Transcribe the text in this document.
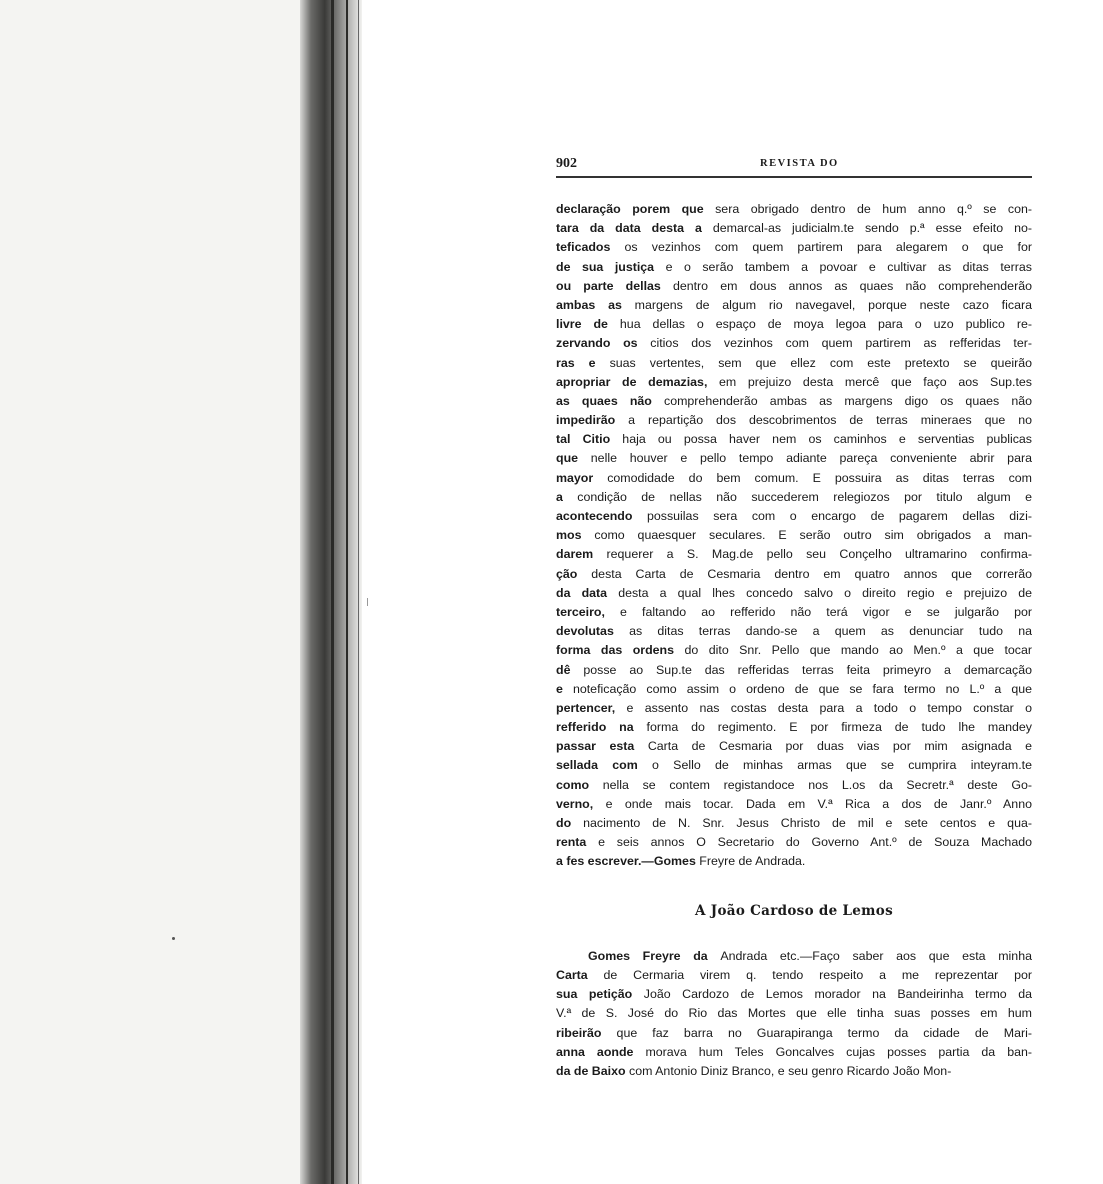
902	REVISTA DO
declaração porem que sera obrigado dentro de hum anno q.º se con-
tara da data desta a demarcal-as judicialm.te sendo p.ª esse efeito no-
teficados os vezinhos com quem partirem para alegarem o que for
de sua justiça e o serão tambem a povoar e cultivar as ditas terras
ou parte dellas dentro em dous annos as quaes não comprehenderão
ambas as margens de algum rio navegavel, porque neste cazo ficara
livre de hua dellas o espaço de moya legoa para o uzo publico re-
zervando os citios dos vezinhos com quem partirem as refferidas ter-
ras e suas vertentes, sem que ellez com este pretexto se queirão
apropriar de demazias, em prejuizo desta mercê que faço aos Sup.tes
as quaes não comprehenderão ambas as margens digo os quaes não
impedirão a repartição dos descobrimentos de terras mineraes que no
tal Citio haja ou possa haver nem os caminhos e serventias publicas
que nelle houver e pello tempo adiante pareça conveniente abrir para
mayor comodidade do bem comum. E possuira as ditas terras com
a condição de nellas não succederem relegiozos por titulo algum e
acontecendo possuilas sera com o encargo de pagarem dellas dizi-
mos como quaesquer seculares. E serão outro sim obrigados a man-
darem requerer a S. Mag.de pello seu Conçelho ultramarino confirma-
ção desta Carta de Cesmaria dentro em quatro annos que correrão
da data desta a qual lhes concedo salvo o direito regio e prejuizo de
terceiro, e faltando ao refferido não terá vigor e se julgarão por
devolutas as ditas terras dando-se a quem as denunciar tudo na
forma das ordens do dito Snr. Pello que mando ao Men.º a que tocar
dê posse ao Sup.te das refferidas terras feita primeyro a demarcação
e noteficação como assim o ordeno de que se fara termo no L.º a que
pertencer, e assento nas costas desta para a todo o tempo constar o
refferido na forma do regimento. E por firmeza de tudo lhe mandey
passar esta Carta de Cesmaria por duas vias por mim asignada e
sellada com o Sello de minhas armas que se cumprira inteyram.te
como nella se contem registandoce nos L.os da Secretr.ª deste Go-
verno, e onde mais tocar. Dada em V.ª Rica a dos de Janr.º Anno
do nacimento de N. Snr. Jesus Christo de mil e sete centos e qua-
renta e seis annos O Secretario do Governo Ant.º de Souza Machado
a fes escrever.—Gomes Freyre de Andrada.
A João Cardoso de Lemos
Gomes Freyre da Andrada etc.—Faço saber aos que esta minha
Carta de Cermaria virem q. tendo respeito a me reprezentar por
sua petição João Cardozo de Lemos morador na Bandeirinha termo da
V.ª de S. José do Rio das Mortes que elle tinha suas posses em hum
ribeirão que faz barra no Guarapiranga termo da cidade de Mari-
anna aonde morava hum Teles Goncalves cujas posses partia da ban-
da de Baixo com Antonio Diniz Branco, e seu genro Ricardo João Mon-
